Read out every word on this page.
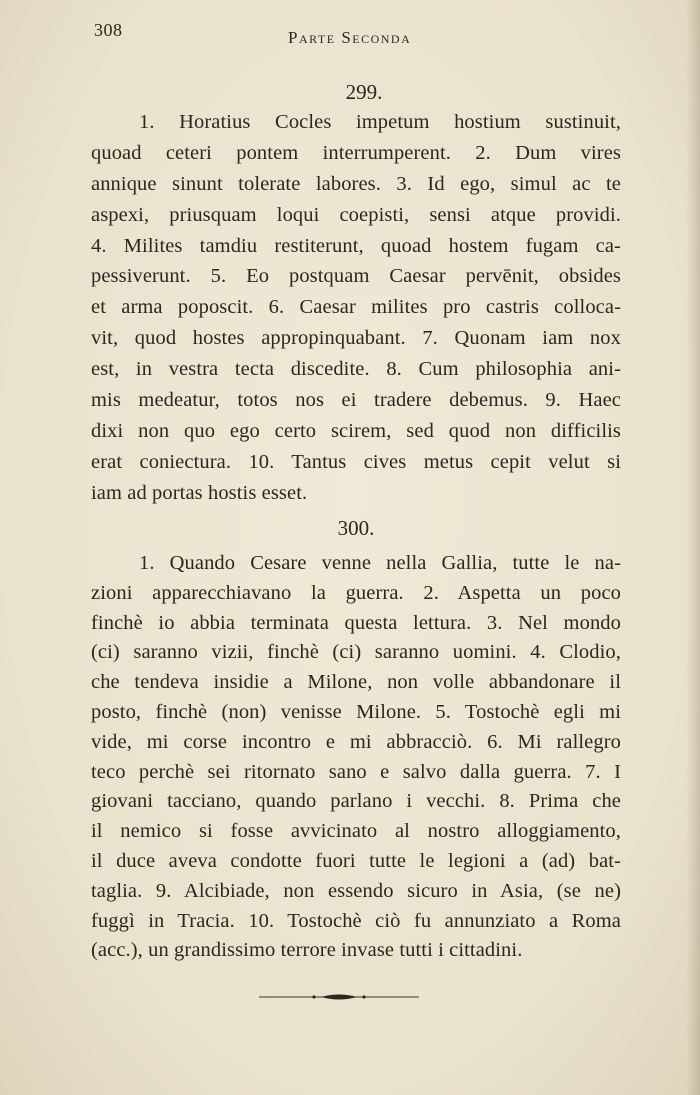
308	Parte Seconda
299.
1. Horatius Cocles impetum hostium sustinuit,
quoad ceteri pontem interrumperent. 2. Dum vires
annique sinunt tolerate labores. 3. Id ego, simul ac te
aspexi, priusquam loqui coepisti, sensi atque providi.
4. Milites tamdiu restiterunt, quoad hostem fugam ca-
pessiverunt. 5. Eo postquam Caesar pervēnit, obsides
et arma poposcit. 6. Caesar milites pro castris colloca-
vit, quod hostes appropinquabant. 7. Quonam iam nox
est, in vestra tecta discedite. 8. Cum philosophia ani-
mis medeatur, totos nos ei tradere debemus. 9. Haec
dixi non quo ego certo scirem, sed quod non difficilis
erat coniectura. 10. Tantus cives metus cepit velut si
iam ad portas hostis esset.
300.
1. Quando Cesare venne nella Gallia, tutte le na-
zioni apparecchiavano la guerra. 2. Aspetta un poco
finchè io abbia terminata questa lettura. 3. Nel mondo
(ci) saranno vizii, finchè (ci) saranno uomini. 4. Clodio,
che tendeva insidie a Milone, non volle abbandonare il
posto, finchè (non) venisse Milone. 5. Tostochè egli mi
vide, mi corse incontro e mi abbracciò. 6. Mi rallegro
teco perchè sei ritornato sano e salvo dalla guerra. 7. I
giovani tacciano, quando parlano i vecchi. 8. Prima che
il nemico si fosse avvicinato al nostro alloggiamento,
il duce aveva condotte fuori tutte le legioni a (ad) bat-
taglia. 9. Alcibiade, non essendo sicuro in Asia, (se ne)
fuggì in Tracia. 10. Tostochè ciò fu annunziato a Roma
(acc.), un grandissimo terrore invase tutti i cittadini.
